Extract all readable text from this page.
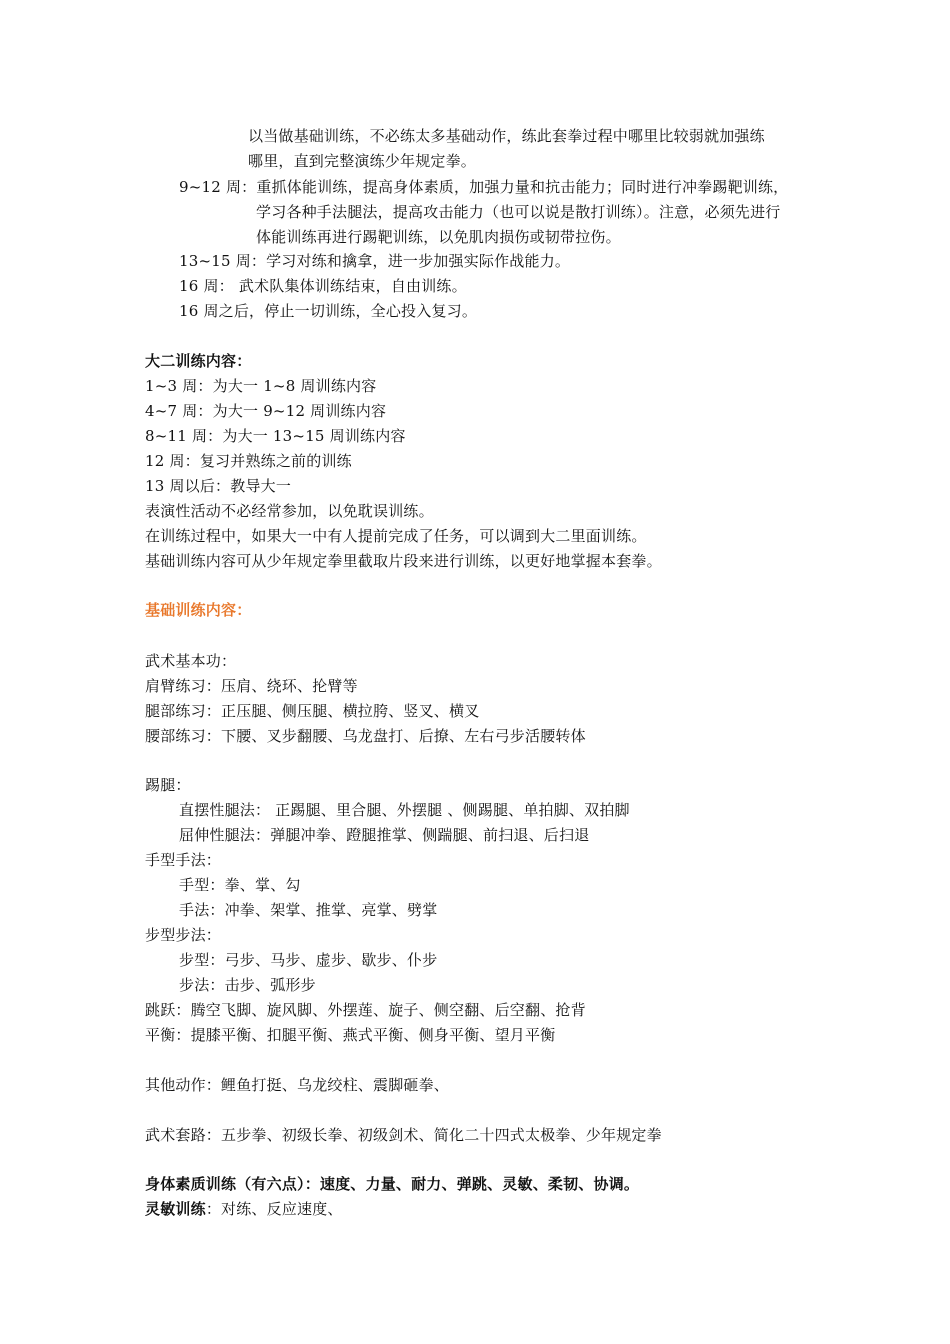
以当做基础训练，不必练太多基础动作，练此套拳过程中哪里比较弱就加强练
哪里，直到完整演练少年规定拳。
9~12 周：重抓体能训练，提高身体素质，加强力量和抗击能力；同时进行冲拳踢靶训练，
学习各种手法腿法，提高攻击能力（也可以说是散打训练）。注意，必须先进行
体能训练再进行踢靶训练，以免肌肉损伤或韧带拉伤。
13~15 周：学习对练和擒拿，进一步加强实际作战能力。
16 周： 武术队集体训练结束，自由训练。
16 周之后，停止一切训练，全心投入复习。
大二训练内容：
1~3 周：为大一 1~8 周训练内容
4~7 周：为大一 9~12 周训练内容
8~11 周：为大一 13~15 周训练内容
12 周：复习并熟练之前的训练
13 周以后：教导大一
表演性活动不必经常参加，以免耽误训练。
在训练过程中，如果大一中有人提前完成了任务，可以调到大二里面训练。
基础训练内容可从少年规定拳里截取片段来进行训练，以更好地掌握本套拳。
基础训练内容：
武术基本功：
肩臂练习：压肩、绕环、抡臂等
腿部练习：正压腿、侧压腿、横拉胯、竖叉、横叉
腰部练习：下腰、叉步翻腰、乌龙盘打、后撩、左右弓步活腰转体
踢腿：
直摆性腿法： 正踢腿、里合腿、外摆腿 、侧踢腿、单拍脚、双拍脚
屈伸性腿法：弹腿冲拳、蹬腿推掌、侧踹腿、前扫退、后扫退
手型手法：
手型：拳、掌、勾
手法：冲拳、架掌、推掌、亮掌、劈掌
步型步法：
步型：弓步、马步、虚步、歇步、仆步
步法：击步、弧形步
跳跃：腾空飞脚、旋风脚、外摆莲、旋子、侧空翻、后空翻、抢背
平衡：提膝平衡、扣腿平衡、燕式平衡、侧身平衡、望月平衡
其他动作：鲤鱼打挺、乌龙绞柱、震脚砸拳、
武术套路：五步拳、初级长拳、初级剑术、简化二十四式太极拳、少年规定拳
身体素质训练（有六点）：速度、力量、耐力、弹跳、灵敏、柔韧、协调。
灵敏训练：对练、反应速度、
